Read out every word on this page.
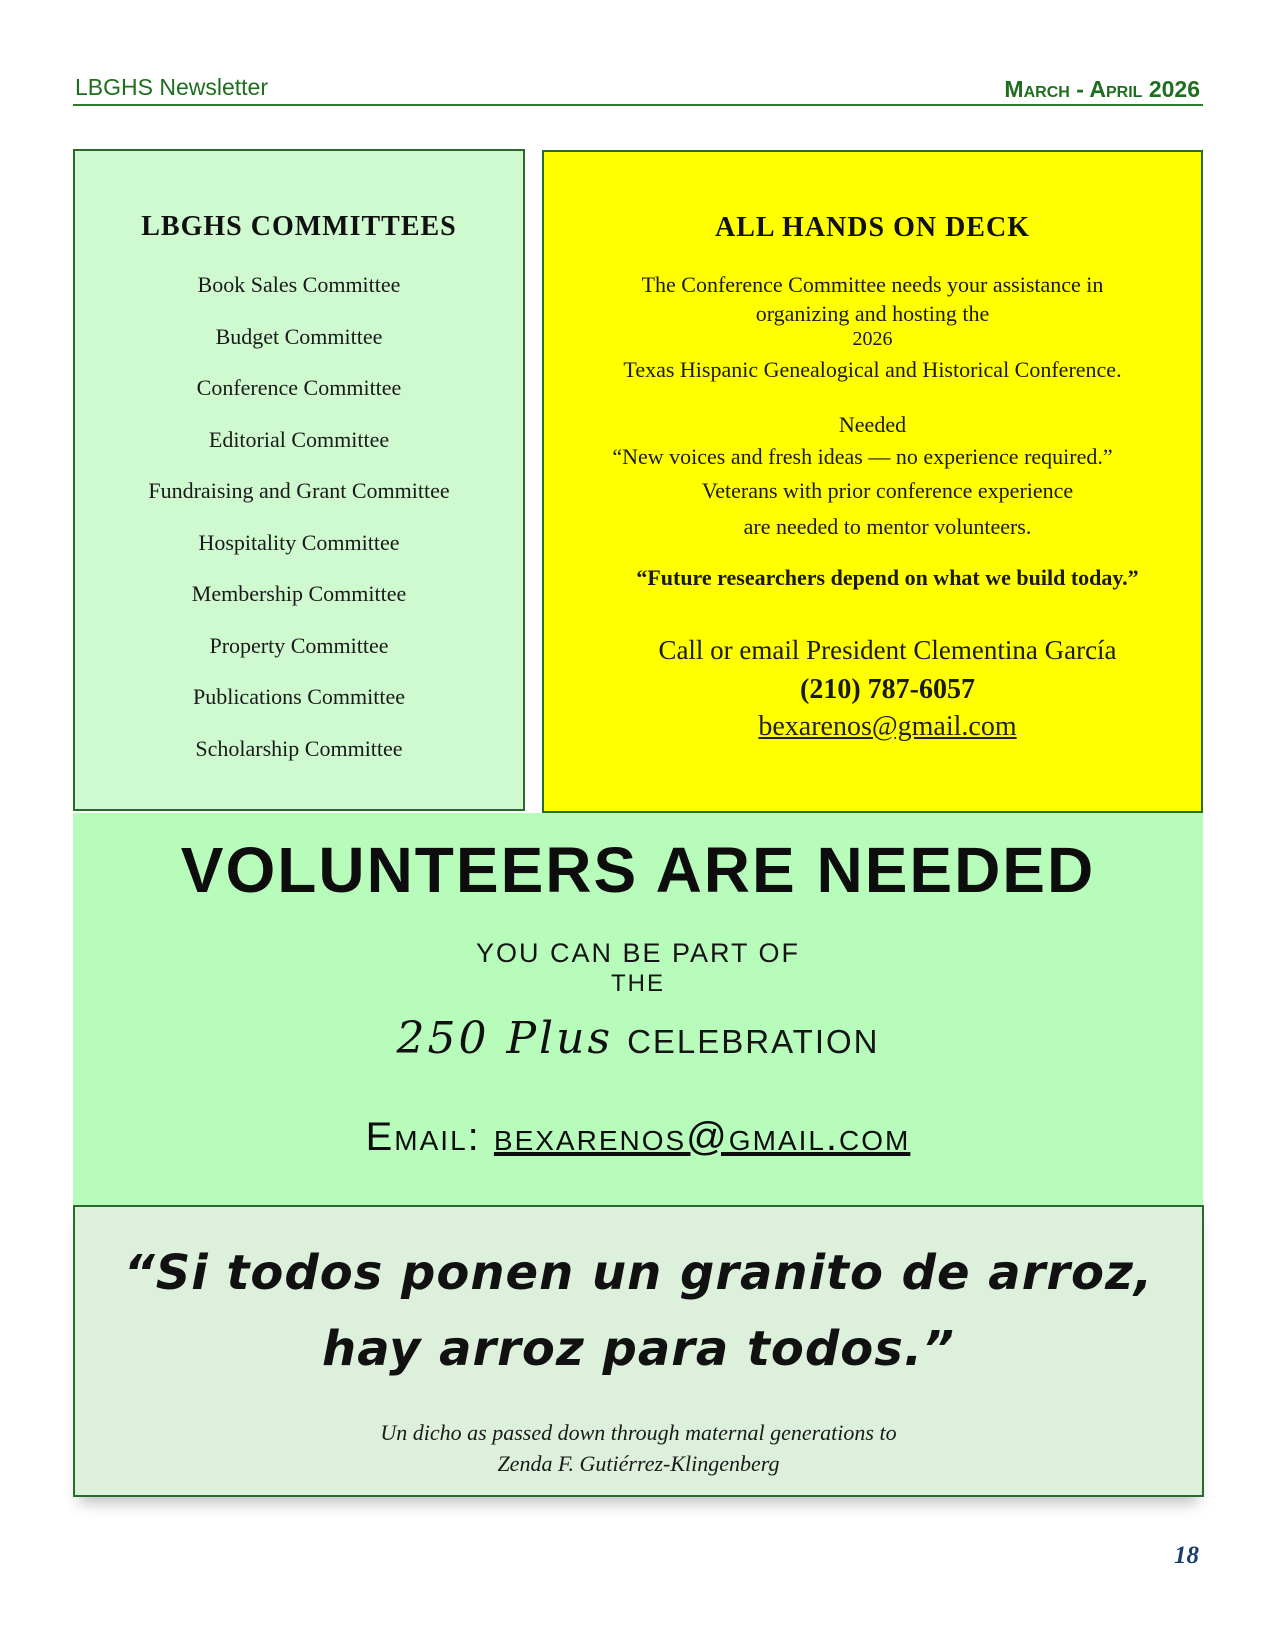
LBGHS Newsletter	March - April 2026
LBGHS COMMITTEES
Book Sales Committee
Budget Committee
Conference Committee
Editorial Committee
Fundraising and Grant Committee
Hospitality Committee
Membership Committee
Property Committee
Publications Committee
Scholarship Committee
ALL HANDS ON DECK
The Conference Committee needs your assistance in
organizing and hosting the
2026
Texas Hispanic Genealogical and Historical Conference.
Needed
“New voices and fresh ideas — no experience required.”
Veterans with prior conference experience
are needed to mentor volunteers.
“Future researchers depend on what we build today.”
Call or email President Clementina García
(210) 787-6057
bexarenos@gmail.com
VOLUNTEERS ARE NEEDED
YOU CAN BE PART OF
THE
250 Plus CELEBRATION
Email: bexarenos@gmail.com
“Si todos ponen un granito de arroz,
hay arroz para todos.”
Un dicho as passed down through maternal generations to
Zenda F. Gutiérrez-Klingenberg
18
